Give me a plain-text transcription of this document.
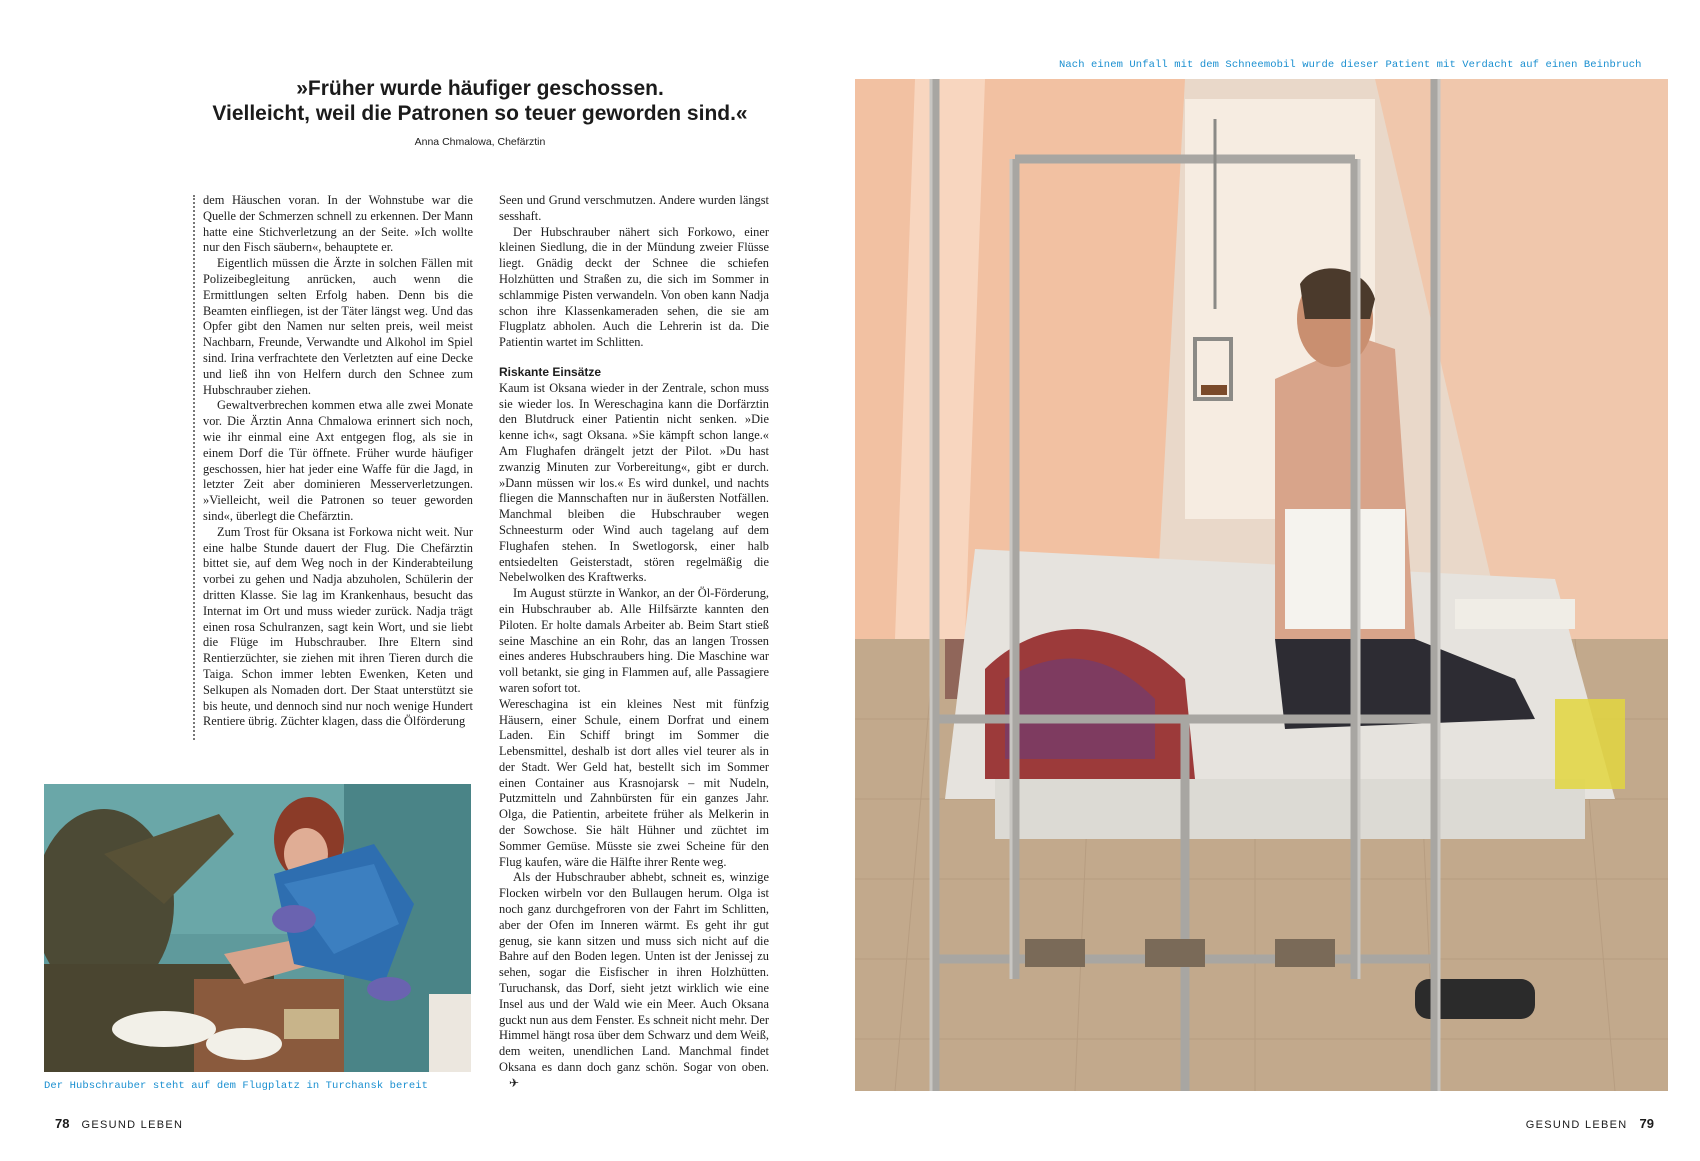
»Früher wurde häufiger geschossen.
Vielleicht, weil die Patronen so teuer geworden sind.«

Anna Chmalowa, Chefärztin

dem Häuschen voran. In der Wohnstube war die Quelle der Schmerzen schnell zu erkennen. Der Mann hatte eine Stichverletzung an der Seite. »Ich wollte nur den Fisch säubern«, behauptete er.

Eigentlich müssen die Ärzte in solchen Fällen mit Polizeibegleitung anrücken, auch wenn die Ermittlungen selten Erfolg haben. Denn bis die Beamten einfliegen, ist der Täter längst weg. Und das Opfer gibt den Namen nur selten preis, weil meist Nachbarn, Freunde, Verwandte und Alkohol im Spiel sind. Irina verfrachtete den Verletzten auf eine Decke und ließ ihn von Helfern durch den Schnee zum Hubschrauber ziehen.

Gewaltverbrechen kommen etwa alle zwei Monate vor. Die Ärztin Anna Chmalowa erinnert sich noch, wie ihr einmal eine Axt entgegen flog, als sie in einem Dorf die Tür öffnete. Früher wurde häufiger geschossen, hier hat jeder eine Waffe für die Jagd, in letzter Zeit aber dominieren Messerverletzungen. »Vielleicht, weil die Patronen so teuer geworden sind«, überlegt die Chefärztin.

Zum Trost für Oksana ist Forkowa nicht weit. Nur eine halbe Stunde dauert der Flug. Die Chefärztin bittet sie, auf dem Weg noch in der Kinderabteilung vorbei zu gehen und Nadja abzuholen, Schülerin der dritten Klasse. Sie lag im Krankenhaus, besucht das Internat im Ort und muss wieder zurück. Nadja trägt einen rosa Schulranzen, sagt kein Wort, und sie liebt die Flüge im Hubschrauber. Ihre Eltern sind Rentierzüchter, sie ziehen mit ihren Tieren durch die Taiga. Schon immer lebten Ewenken, Keten und Selkupen als Nomaden dort. Der Staat unterstützt sie bis heute, und dennoch sind nur noch wenige Hundert Rentiere übrig. Züchter klagen, dass die Ölförderung

Der Hubschrauber steht auf dem Flugplatz in Turchansk bereit
78 GESUND LEBEN

Seen und Grund verschmutzen. Andere wurden längst sesshaft.

Der Hubschrauber nähert sich Forkowo, einer kleinen Siedlung, die in der Mündung zweier Flüsse liegt. Gnädig deckt der Schnee die schiefen Holzhütten und Straßen zu, die sich im Sommer in schlammige Pisten verwandeln. Von oben kann Nadja schon ihre Klassenkameraden sehen, die sie am Flugplatz abholen. Auch die Lehrerin ist da. Die Patientin wartet im Schlitten.

Riskante Einsätze

Kaum ist Oksana wieder in der Zentrale, schon muss sie wieder los. In Wereschagina kann die Dorfärztin den Blutdruck einer Patientin nicht senken. »Die kenne ich«, sagt Oksana. »Sie kämpft schon lange.« Am Flughafen drängelt jetzt der Pilot. »Du hast zwanzig Minuten zur Vorbereitung«, gibt er durch. »Dann müssen wir los.« Es wird dunkel, und nachts fliegen die Mannschaften nur in äußersten Notfällen. Manchmal bleiben die Hubschrauber wegen Schneesturm oder Wind auch tagelang auf dem Flughafen stehen. In Swetlogorsk, einer halb entsiedelten Geisterstadt, stören regelmäßig die Nebelwolken des Kraftwerks.

Im August stürzte in Wankor, an der Öl-Förderung, ein Hubschrauber ab. Alle Hilfsärzte kannten den Piloten. Er holte damals Arbeiter ab. Beim Start stieß seine Maschine an ein Rohr, das an langen Trossen eines anderes Hubschraubers hing. Die Maschine war voll betankt, sie ging in Flammen auf, alle Passagiere waren sofort tot.

Wereschagina ist ein kleines Nest mit fünfzig Häusern, einer Schule, einem Dorfrat und einem Laden. Ein Schiff bringt im Sommer die Lebensmittel, deshalb ist dort alles viel teurer als in der Stadt. Wer Geld hat, bestellt sich im Sommer einen Container aus Krasnojarsk – mit Nudeln, Putzmitteln und Zahnbürsten für ein ganzes Jahr. Olga, die Patientin, arbeitete früher als Melkerin in der Sowchose. Sie hält Hühner und züchtet im Sommer Gemüse. Müsste sie zwei Scheine für den Flug kaufen, wäre die Hälfte ihrer Rente weg.

Als der Hubschrauber abhebt, schneit es, winzige Flocken wirbeln vor den Bullaugen herum. Olga ist noch ganz durchgefroren von der Fahrt im Schlitten, aber der Ofen im Inneren wärmt. Es geht ihr gut genug, sie kann sitzen und muss sich nicht auf die Bahre auf den Boden legen. Unten ist der Jenissej zu sehen, sogar die Eisfischer in ihren Holzhütten. Turuchansk, das Dorf, sieht jetzt wirklich wie eine Insel aus und der Wald wie ein Meer. Auch Oksana guckt nun aus dem Fenster. Es schneit nicht mehr. Der Himmel hängt rosa über dem Schwarz und dem Weiß, dem weiten, unendlichen Land. Manchmal findet Oksana es dann doch ganz schön. Sogar von oben.✈

Nach einem Unfall mit dem Schneemobil wurde dieser Patient mit Verdacht auf einen Beinbruch
GESUND LEBEN 79
